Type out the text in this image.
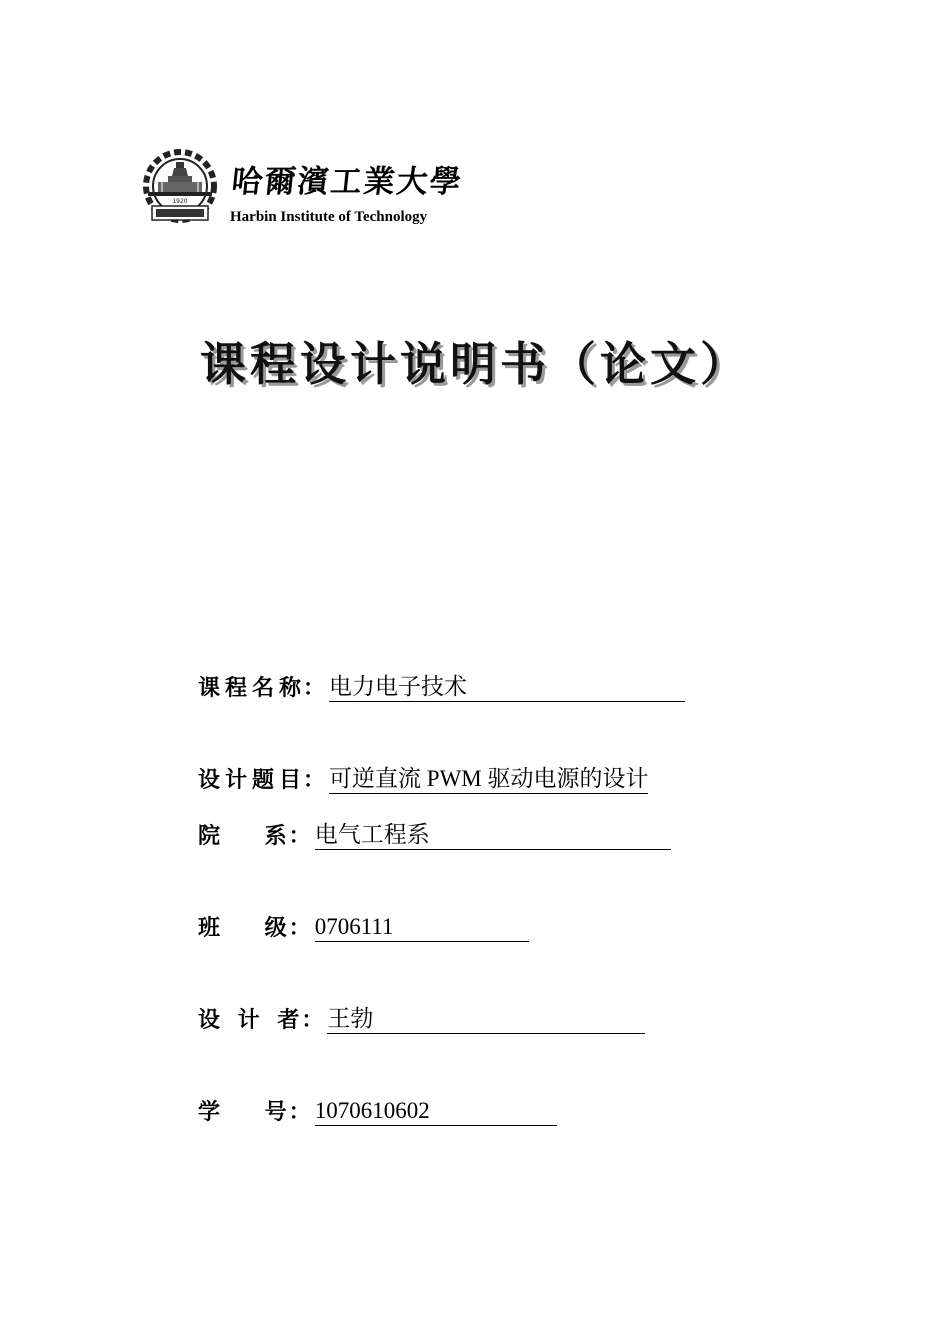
1920
哈爾濱工業大學
Harbin Institute of Technology
课程设计说明书（论文）
课程名称
： 电力电子技术
设计题目
： 可逆直流 PWM 驱动电源的设计
院　 系
： 电气工程系
班　 级
： 0706111
设 计 者
： 王勃
学　 号
： 1070610602
